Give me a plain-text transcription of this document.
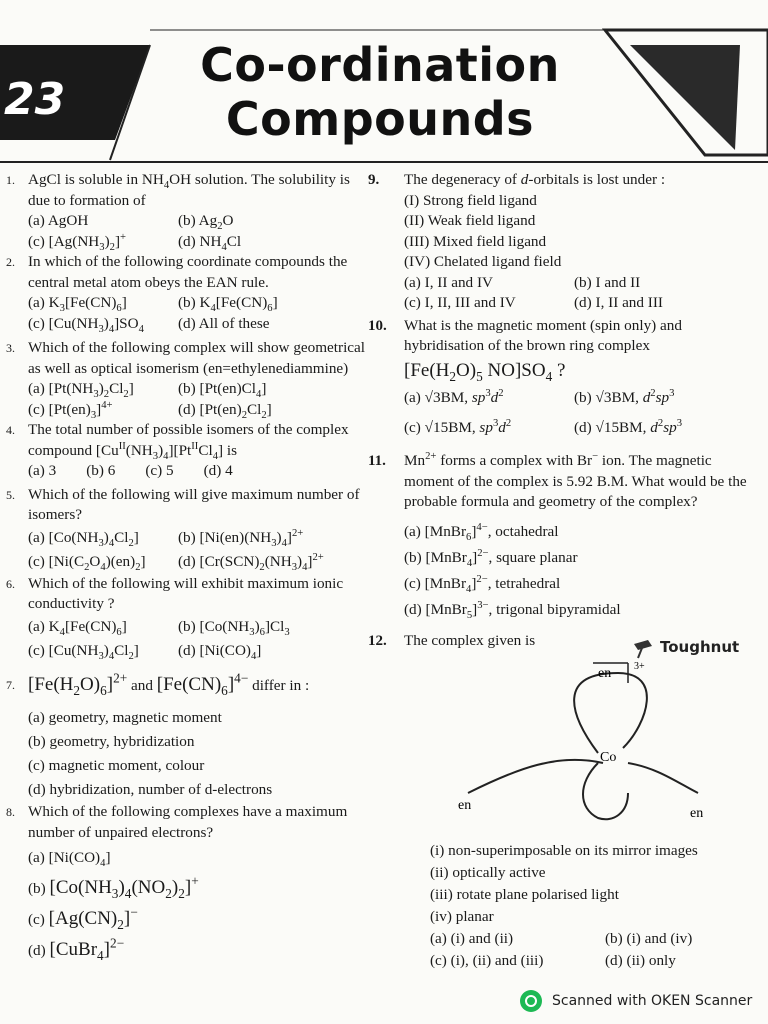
23
Co-ordination
Compounds
1. AgCl is soluble in $NH_4OH$ solution. The solubility is due to formation of
(a) AgOH	(b) $Ag_2O$
(c) $[Ag(NH_3)_2]^+$	(d) $NH_4Cl$
2. In which of the following coordinate compounds the central metal atom obeys the EAN rule.
(a) $K_3[Fe(CN)_6]$	(b) $K_4[Fe(CN)_6]$
(c) $[Cu(NH_3)_4]SO_4$	(d) All of these
3. Which of the following complex will show geometrical as well as optical isomerism (en=ethylenediammine)
(a) $[Pt(NH_3)_2Cl_2]$	(b) $[Pt(en)Cl_4]$
(c) $[Pt(en)_3]^{4+}$	(d) $[Pt(en)_2Cl_2]$
4. The total number of possible isomers of the complex compound $[Cu^{II}(NH_3)_4][Pt^{II}Cl_4]$ is
(a) 3 (b) 6 (c) 5 (d) 4
5. Which of the following will give maximum number of isomers?
(a) $[Co(NH_3)_4Cl_2]$	(b) $[Ni(en)(NH_3)_4]^{2+}$
(c) $[Ni(C_2O_4)(en)_2]$	(d) $[Cr(SCN)_2(NH_3)_4]^{2+}$
6. Which of the following will exhibit maximum ionic conductivity ?
(a) $K_4[Fe(CN)_6]$	(b) $[Co(NH_3)_6]Cl_3$
(c) $[Cu(NH_3)_4Cl_2]$	(d) $[Ni(CO)_4]$
7. $[Fe(H_2O)_6]^{2+}$ and $[Fe(CN)_6]^{4-}$ differ in :
(a) geometry, magnetic moment
(b) geometry, hybridization
(c) magnetic moment, colour
(d) hybridization, number of d-electrons
8. Which of the following complexes have a maximum number of unpaired electrons?
(a) $[Ni(CO)_4]$
(b) $[Co(NH_3)_4(NO_2)_2]^+$
(c) $[Ag(CN)_2]^-$
(d) [CuBr$_4$]$^{2-}$
9.	The degeneracy of d-orbitals is lost under :
(I) Strong field ligand
(II) Weak field ligand
(III) Mixed field ligand
(IV) Chelated ligand field
(a) I, II and IV	(b) I and II
(c) I, II, III and IV	(d) I, II and III
10.	What is the magnetic moment (spin only) and hybridisation of the brown ring complex
[$Fe(H_2O)_5$ $NO]SO_4$ ?
(a) √3BM, $sp^3d^2$	(b) √3BM, $d^2sp^3$
(c) √15BM, $sp^3d^2$	(d) √15BM, $d^2sp^3$
11.	$Mn^{2+}$ forms a complex with Br− ion. The magnetic moment of the complex is 5.92 B.M. What would be the probable formula and geometry of the complex?
(a) [MnBr$_6$]$^{4-}$, octahedral
(b) [MnBr$_4$]$^{2-}$, square planar
(c) [MnBr$_4$]$^{2-}$, tetrahedral
(d) [MnBr$_5$]$^{3-}$, trigonal bipyramidal
12.	The complex given is
en 3+
Co
en
en
(i) non-superimposable on its mirror images
(ii) optically active
(iii) rotate plane polarised light
(iv) planar
(a) (i) and (ii)	(b) (i) and (iv)
(c) (i), (ii) and (iii)	(d) (ii) only
Toughnut
Scanned with OKEN Scanner
